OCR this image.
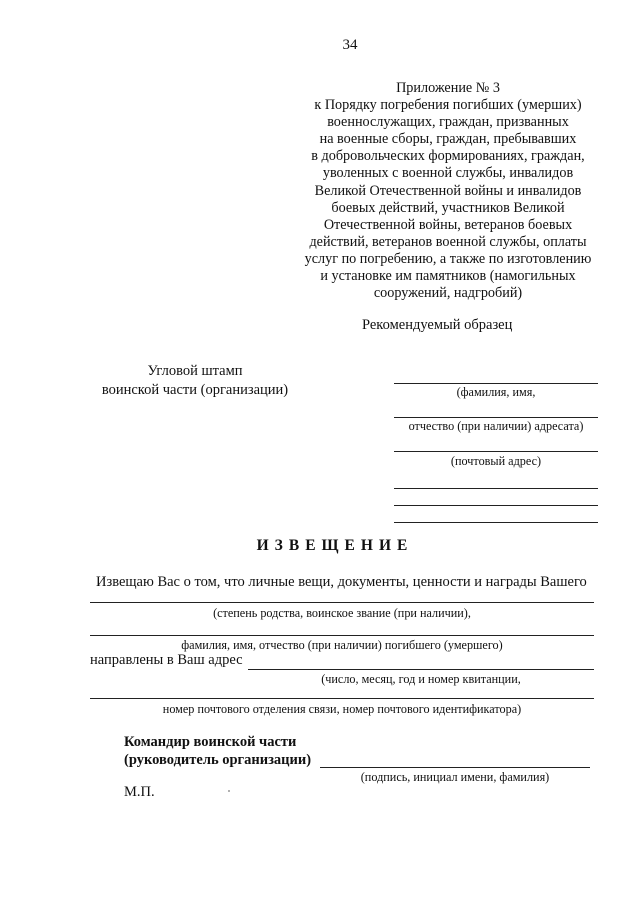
34
Приложение № 3
к Порядку погребения погибших (умерших)
военнослужащих, граждан, призванных
на военные сборы, граждан, пребывавших
в добровольческих формированиях, граждан,
уволенных с военной службы, инвалидов
Великой Отечественной войны и инвалидов
боевых действий, участников Великой
Отечественной войны, ветеранов боевых
действий, ветеранов военной службы, оплаты
услуг по погребению, а также по изготовлению
и установке им памятников (намогильных
сооружений, надгробий)
Рекомендуемый образец
Угловой штамп
воинской части (организации)	(фамилия, имя,
отчество (при наличии) адресата)
(почтовый адрес)
ИЗВЕЩЕНИЕ
Извещаю Вас о том, что личные вещи, документы, ценности и награды Вашего
(степень родства, воинское звание (при наличии),
фамилия, имя, отчество (при наличии) погибшего (умершего)
направлены в Ваш адрес
(число, месяц, год и номер квитанции,
номер почтового отделения связи, номер почтового идентификатора)
Командир воинской части
(руководитель организации)
(подпись, инициал имени, фамилия)
М.П.
